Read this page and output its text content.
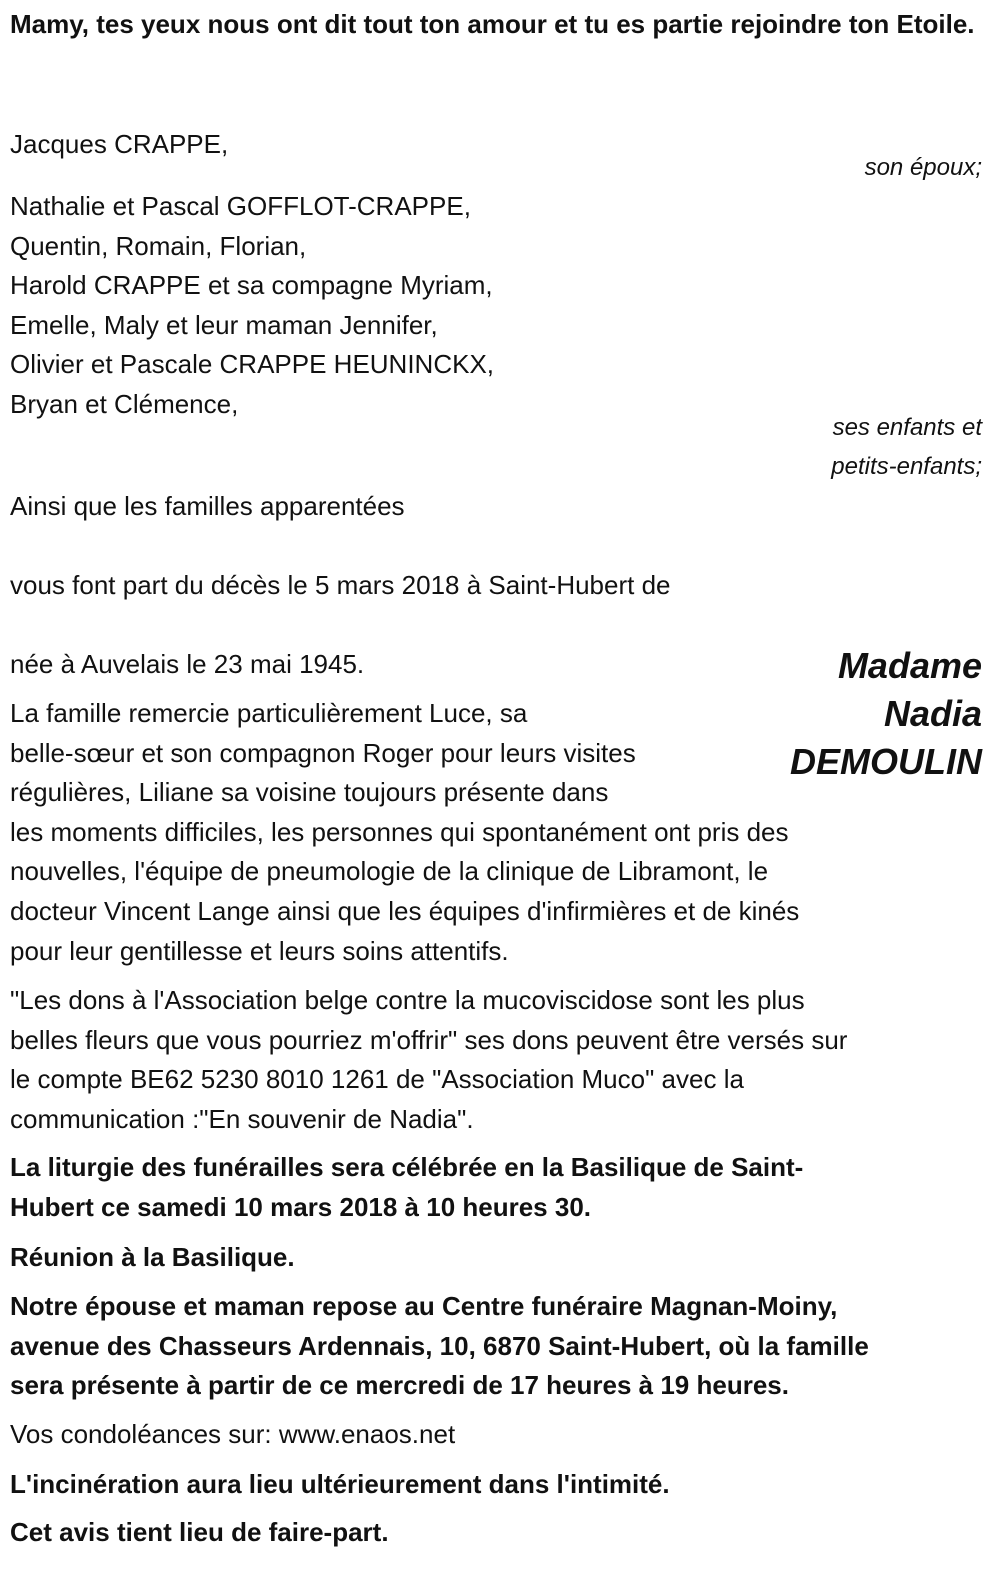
Mamy, tes yeux nous ont dit tout ton amour et tu es partie rejoindre ton Etoile.
Jacques CRAPPE,
son époux;
Nathalie et Pascal GOFFLOT-CRAPPE,
Quentin, Romain, Florian,
Harold CRAPPE et sa compagne Myriam,
Emelle, Maly et leur maman Jennifer,
Olivier et Pascale CRAPPE HEUNINCKX,
Bryan et Clémence,
ses enfants et
petits-enfants;
Ainsi que les familles apparentées
vous font part du décès le 5 mars 2018 à Saint-Hubert de
Madame
Nadia
DEMOULIN
née à Auvelais le 23 mai 1945.
La famille remercie particulièrement Luce, sa
belle-sœur et son compagnon Roger pour leurs visites
régulières, Liliane sa voisine toujours présente dans
les moments difficiles, les personnes qui spontanément ont pris des
nouvelles, l'équipe de pneumologie de la clinique de Libramont, le
docteur Vincent Lange ainsi que les équipes d'infirmières et de kinés
pour leur gentillesse et leurs soins attentifs.
"Les dons à l'Association belge contre la mucoviscidose sont les plus
belles fleurs que vous pourriez m'offrir" ses dons peuvent être versés sur
le compte BE62 5230 8010 1261 de "Association Muco" avec la
communication :"En souvenir de Nadia".
La liturgie des funérailles sera célébrée en la Basilique de Saint-
Hubert ce samedi 10 mars 2018 à 10 heures 30.
Réunion à la Basilique.
Notre épouse et maman repose au Centre funéraire Magnan-Moiny,
avenue des Chasseurs Ardennais, 10, 6870 Saint-Hubert, où la famille
sera présente à partir de ce mercredi de 17 heures à 19 heures.
Vos condoléances sur: www.enaos.net
L'incinération aura lieu ultérieurement dans l'intimité.
Cet avis tient lieu de faire-part.
